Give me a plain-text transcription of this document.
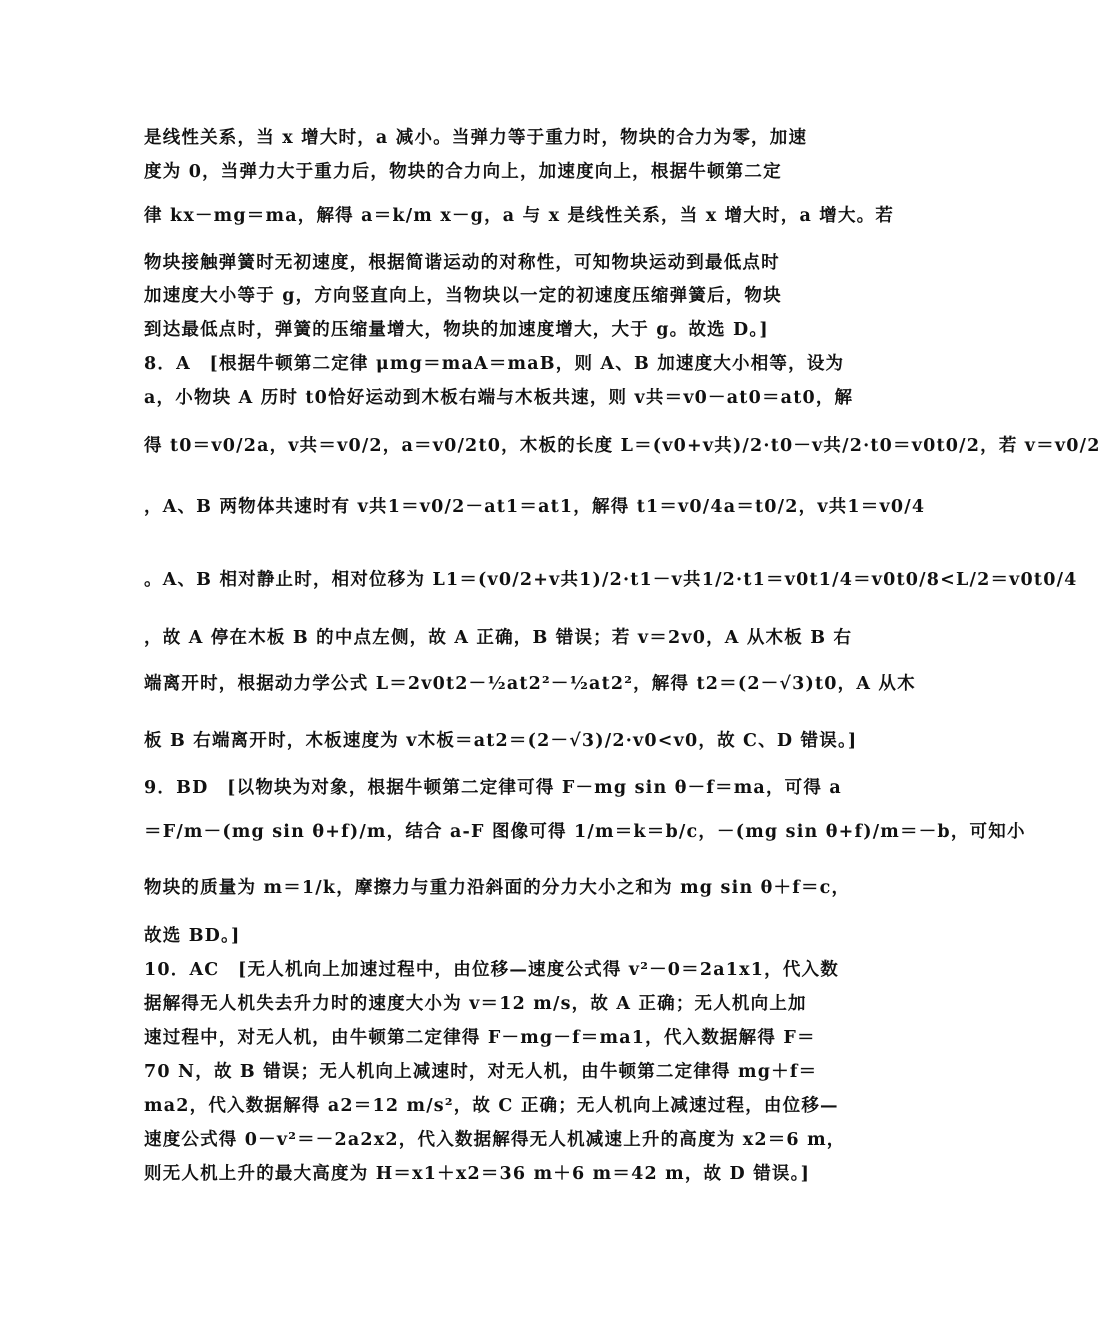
是线性关系，当 x 增大时，a 减小。当弹力等于重力时，物块的合力为零，加速
度为 0，当弹力大于重力后，物块的合力向上，加速度向上，根据牛顿第二定
律 kx－mg＝ma，解得 a＝k/m x－g，a 与 x 是线性关系，当 x 增大时，a 增大。若
物块接触弹簧时无初速度，根据简谐运动的对称性，可知物块运动到最低点时
加速度大小等于 g，方向竖直向上，当物块以一定的初速度压缩弹簧后，物块
到达最低点时，弹簧的压缩量增大，物块的加速度增大，大于 g。故选 D。]
8．A　[根据牛顿第二定律 μmg＝maA＝maB，则 A、B 加速度大小相等，设为
a，小物块 A 历时 t0恰好运动到木板右端与木板共速，则 v共＝v0－at0＝at0，解
得 t0＝v0/2a，v共＝v0/2，a＝v0/2t0，木板的长度 L＝(v0+v共)/2·t0－v共/2·t0＝v0t0/2，若 v＝v0/2
，A、B 两物体共速时有 v共1＝v0/2－at1＝at1，解得 t1＝v0/4a＝t0/2，v共1＝v0/4
。A、B 相对静止时，相对位移为 L1＝(v0/2+v共1)/2·t1－v共1/2·t1＝v0t1/4＝v0t0/8<L/2＝v0t0/4
，故 A 停在木板 B 的中点左侧，故 A 正确，B 错误；若 v＝2v0，A 从木板 B 右
端离开时，根据动力学公式 L＝2v0t2－½at2²－½at2²，解得 t2＝(2－√3)t0，A 从木
板 B 右端离开时，木板速度为 v木板＝at2＝(2－√3)/2·v0<v0，故 C、D 错误。]
9．BD　[以物块为对象，根据牛顿第二定律可得 F－mg sin θ－f＝ma，可得 a
＝F/m－(mg sin θ+f)/m，结合 a-F 图像可得 1/m＝k＝b/c，－(mg sin θ+f)/m＝－b，可知小
物块的质量为 m＝1/k，摩擦力与重力沿斜面的分力大小之和为 mg sin θ＋f＝c，
故选 BD。]
10．AC　[无人机向上加速过程中，由位移—速度公式得 v²－0＝2a1x1，代入数
据解得无人机失去升力时的速度大小为 v＝12 m/s，故 A 正确；无人机向上加
速过程中，对无人机，由牛顿第二定律得 F－mg－f＝ma1，代入数据解得 F＝
70 N，故 B 错误；无人机向上减速时，对无人机，由牛顿第二定律得 mg＋f＝
ma2，代入数据解得 a2＝12 m/s²，故 C 正确；无人机向上减速过程，由位移—
速度公式得 0－v²＝－2a2x2，代入数据解得无人机减速上升的高度为 x2＝6 m，
则无人机上升的最大高度为 H＝x1＋x2＝36 m＋6 m＝42 m，故 D 错误。]
